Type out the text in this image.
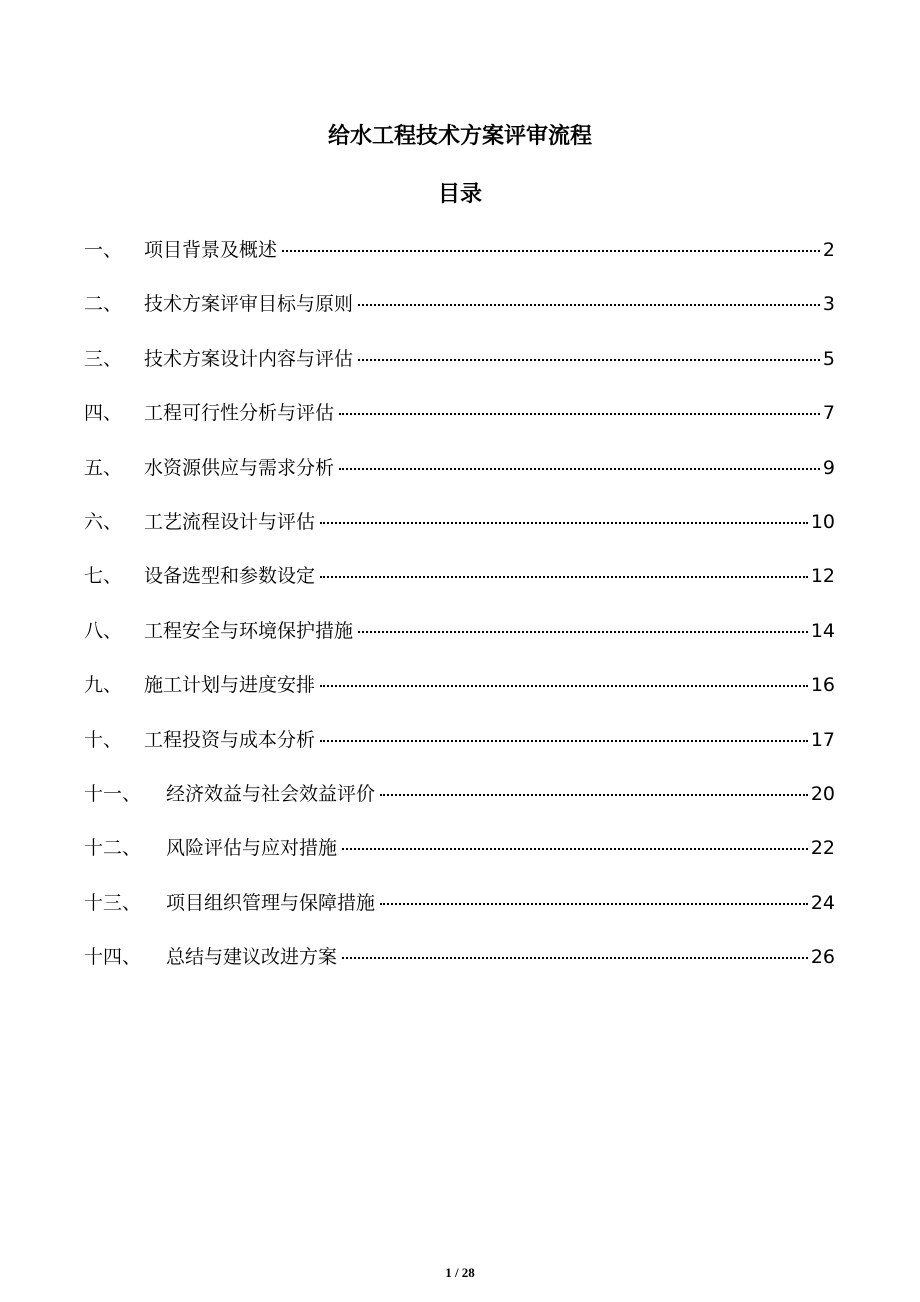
给水工程技术方案评审流程
目录
一、	项目背景及概述	2
二、	技术方案评审目标与原则	3
三、	技术方案设计内容与评估	5
四、	工程可行性分析与评估	7
五、	水资源供应与需求分析	9
六、	工艺流程设计与评估	10
七、	设备选型和参数设定	12
八、	工程安全与环境保护措施	14
九、	施工计划与进度安排	16
十、	工程投资与成本分析	17
十一、	经济效益与社会效益评价	20
十二、	风险评估与应对措施	22
十三、	项目组织管理与保障措施	24
十四、	总结与建议改进方案	26
1 / 28
